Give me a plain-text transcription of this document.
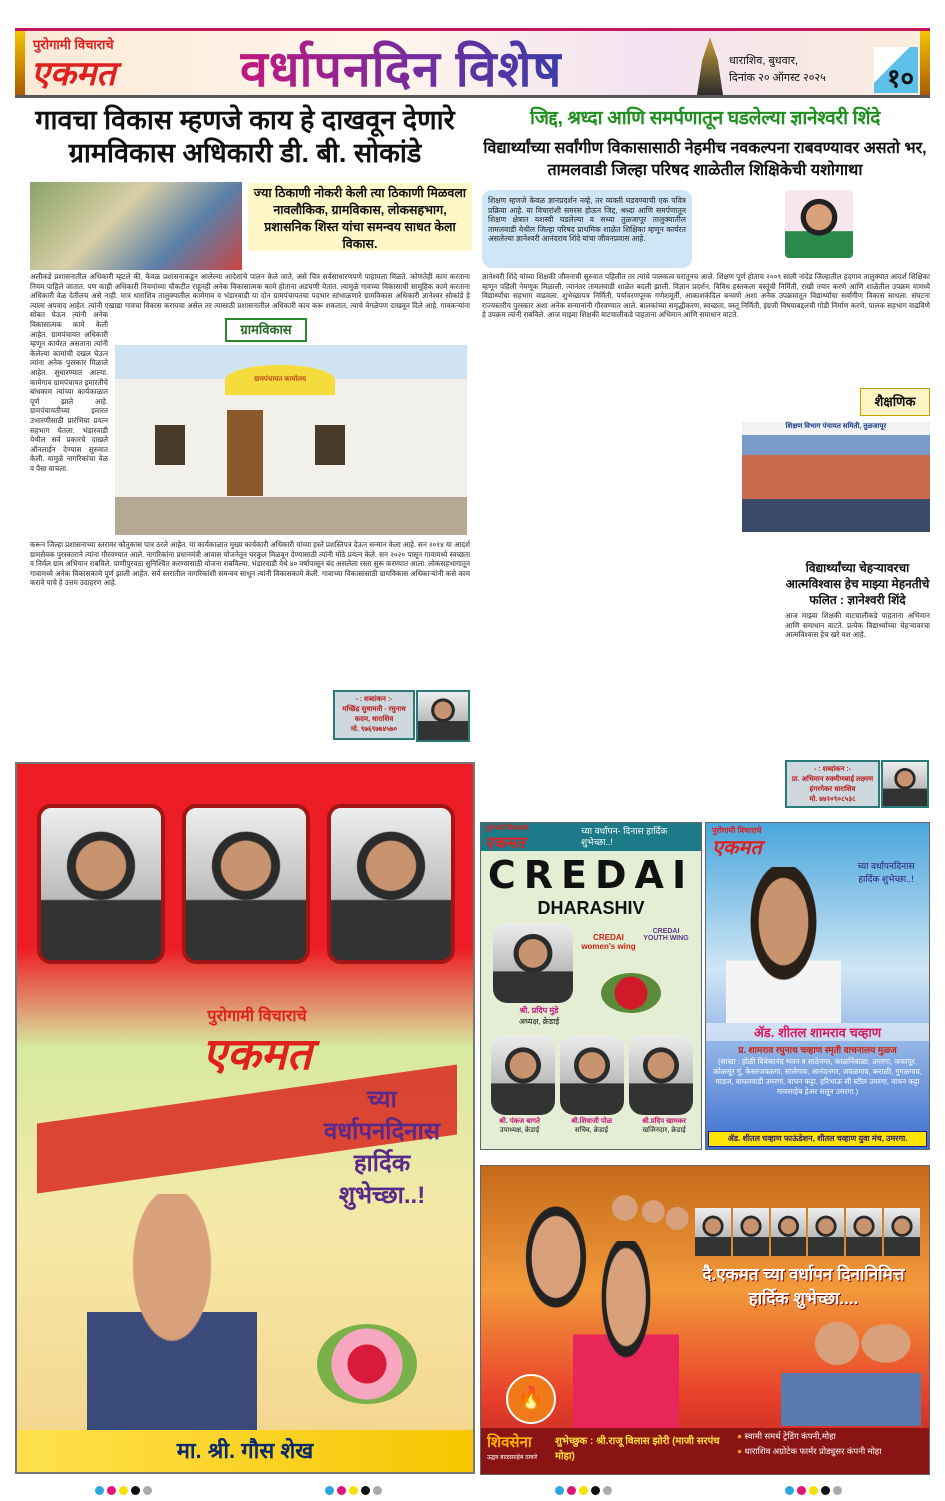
पुरोगामी विचाराचे
एकमत वर्धापनदिन विशेष	१०
धाराशिव, बुधवार,
दिनांक २० ऑगस्ट २०२५
गावचा विकास म्हणजे काय हे दाखवून देणारे
ग्रामविकास अधिकारी डी. बी. सोकांडे
ज्या ठिकाणी नोकरी केली त्या ठिकाणी मिळवला नावलौकिक, ग्रामविकास, लोकसहभाग, प्रशासनिक शिस्त यांचा समन्वय साधत केला विकास.
अलीकडे प्रशासनातील अधिकारी म्हटले की, केवळ प्रशासनाकडून आलेल्या आदेशांचे पालन केले जाते, असे चित्र सर्वसाधारणपणे पाहायला मिळते. कोणतेही काम करताना नियम पाहिले जातात. पण काही अधिकारी नियमांच्या चौकटीत राहूनही अनेक विकासात्मक कामे होताना अडचणी येतात. त्यामुळे गावच्या विकासाची सामूहिक कामे करताना अधिकारी वेळ देतीलच असे नाही. मात्र धाराशिव तालुक्यातील कामेगाव व भंडारवाडी या दोन ग्रामपंचायतचा पदभार सांभाळणारे ग्रामविकास अधिकारी ज्ञानेश्वर सोकांडे हे त्याला अपवाद आहेत. त्यांनी एखाद्या गावचा विकास करायचा असेल तर त्यासाठी प्रशासनातील अधिकारी काय करू शकतात, त्याचे वेगळेपण दाखवून दिले आहे. गावकऱ्यांना सोबत घेऊन त्यांनी अनेक विकासात्मक कामे केली आहेत. ग्रामपंचायत अधिकारी म्हणून कार्यरत असताना त्यांनी केलेल्या कामांची दखल घेऊन त्यांना अनेक पुरस्कार मिळाले आहेत. सुधारण्यात आल्या. कामेगाव ग्रामपंचायत इमारतीचे बांधकाम त्यांच्या कार्यकाळात पूर्ण झाले आहे. ग्रामपंचायतीच्या इमारत उभारणीसाठी प्रारंभिचा प्रयत्न सहभाग घेतला. भंडारवाडी येथील सर्व प्रकारचे दाखले ऑनलाईन देण्यास सुरुवात केली. यामुळे नागरिकांचा वेळ व पैसा वाचला.
ग्रामविकास
ग्रामपंचायत कार्यालय
करून जिल्हा प्रशासनाच्या स्तरावर कौतुकास पात्र ठरले आहेत. या कार्यकाळात मुख्य कार्यकारी अधिकारी यांच्या हस्ते प्रशस्तिपत्र देऊन सन्मान केला आहे. सन २०१४ या आदर्श ग्रामसेवक पुरस्काराने त्यांना गौरवण्यात आले. नागरिकांना प्रधानमंत्री आवास योजनेतून घरकुल मिळवून देण्यासाठी त्यांनी मोठे प्रयत्न केले. सन २०२० पासून गावामध्ये स्वच्छता व निर्मल ग्राम अभियान राबविले. पाणीपुरवठा सुनिश्चित करण्यासाठी योजना राबविल्या. भंडारवाडी येथे ४० वर्षापासून बंद असलेला रस्ता सुरू करण्यात आला. लोकसहभागातून गावामध्ये अनेक विकासकामे पूर्ण झाली आहेत. सर्व स्तरातील नागरिकांशी समन्वय साधून त्यांनी विकासकामे केली. गावाच्या विकासासाठी ग्रामविकास अधिकाऱ्यांनी कसे काम करावे याचे हे उत्तम उदाहरण आहे.
- : शब्दांकन :-
मच्छिंद्र सुधामती - रघुनाथ कदम, धाराशिव
मो. ९७६९७७४५७०
जिद्द, श्रध्दा आणि समर्पणातून घडलेल्या ज्ञानेश्वरी शिंदे
विद्यार्थ्यांच्या सर्वांगीण विकासासाठी नेहमीच नवकल्पना राबवण्यावर असतो भर, तामलवाडी जिल्हा परिषद शाळेतील शिक्षिकेची यशोगाथा
शिक्षण म्हणजे केवळ ज्ञानप्रदर्शन नव्हे, तर व्यक्ती घडवण्याची एक पवित्र प्रक्रिया आहे. या विचारांशी समरस होऊन जिद्द, श्रध्दा आणि समर्पणातून शिक्षण क्षेत्रात यशस्वी घडलेल्या व सध्या तुळजापूर तालुक्यातील तामलवाडी येथील जिल्हा परिषद प्राथमिक शाळेत शिक्षिका म्हणून कार्यरत असलेल्या ज्ञानेश्वरी आनंदराव शिंदे यांचा जीवनप्रवास आहे.
ज्ञानेश्वरी शिंदे यांच्या शिक्षकी जीवनाची सुरुवात पहिलीत तर त्यांचे पालकत्व घरातूनच आले. शिक्षण पूर्ण होताच २००९ साली नांदेड जिल्हातील हदगाव तालुक्यात आदर्श शिक्षिका म्हणून पहिली नेमणूक मिळाली. त्यानंतर तामलवाडी शाळेत बदली झाली. विज्ञान प्रदर्शन, विविध हस्तकला वस्तूंची निर्मिती, राखी तयार करणे आणि शाळेतील उपक्रम यामध्ये विद्यार्थ्यांचा सहभाग वाढवला. शुभेच्छापत्र निर्मिती, पर्यावरणपूरक गणेशमूर्ती, आकाशकंदिल बनवणे अशा अनेक उपक्रमातून विद्यार्थ्यांचा सर्वांगीण विकास साधला. संघटना राज्यस्तरीय पुरस्कार अशा अनेक सन्मानांनी गौरवण्यात आले. बालकांच्या समृद्धीकरण, स्वच्छता, वस्तू निर्मिती, इंग्रजी विषयाबद्दलची गोडी निर्माण करणे, पालक सहभाग वाढविणे हे उपक्रम त्यांनी राबविले. आज माझ्या शिक्षकी वाटचालीकडे पाहताना अभिमान आणि समाधान वाटते.
शैक्षणिक
शिक्षण विभाग पंचायत समिती, तुळजापूर
विद्यार्थ्यांच्या चेहऱ्यावरचा आत्मविश्वास हेच माझ्या मेहनतीचे फलित : ज्ञानेश्वरी शिंदे
आज माझ्या शिक्षकी वाटचालीकडे पाहताना अभिमान आणि समाधान वाटते. प्रत्येक विद्यार्थ्याच्या चेहऱ्यावरचा आत्मविश्वास हेच खरे यश आहे.
- : शब्दांकन :-
प्रा. अभिमान रुक्मीणबाई लक्ष्मण हंगरगेकर धाराशिव
मो. ७४२०९०८५३८
पुरोगामी विचाराचे
एकमत
च्या
वर्धापनदिनास
हार्दिक
शुभेच्छा..!
मा. श्री. गौस शेख
पुरोगामी विचाराचे
एकमत
च्या वर्धापन- दिनास हार्दिक शुभेच्छा..!
CREDAI
DHARASHIV
CREDAI women's wing
CREDAI YOUTH WING
श्री. प्रदिप मुंडे
अध्यक्ष, क्रेडाई
श्री. पंकज बागते
उपाध्यक्ष, क्रेडाई
श्री.शिवाजी पोळ
सचिव, क्रेडाई
श्री.प्रदिप खामकर
खजिनदार, क्रेडाई
पुरोगामी विचाराचे
एकमत
च्या वर्धापनदिनास हार्दिक शुभेच्छा..!
ॲड. शीतल शामराव चव्हाण
प्र. शामराव रघुनाथ चव्हाण स्मृती वाचनालय मुळज
(शाखा : होळी विवेकानंद भवन व साठेनगर, काळनिंबाळा, उमरगा, जकापूर, कोळसूर गुं, केसरजवळगा, सालेगाव, आनंदनगर, जवळगाव, कराळी, गुगळगाव, माडज, वाघलवाडी उमरगा, वाचन कट्टा, हरिभाऊ सी स्टील उमरगा, वाचन कट्टा गावसाहेब हेअर सलून उमरगा.)
ॲड. शीतल चव्हाण फाऊंडेशन, शीतल चव्हाण युवा मंच, उमरगा.
दै.एकमत च्या वर्धापन दिनानिमित्त
हार्दिक शुभेच्छा....
🔥
शिवसेना
उद्धव बाळासाहेब ठाकरे
शुभेच्छुक : श्री.राजू विलास झोरी (माजी सरपंच मोहा)
● स्वामी समर्थ ट्रेडिंग कंपनी,मोहा
● धाराशिव अग्रोटेक फार्मर प्रोड्युसर कंपनी मोहा
